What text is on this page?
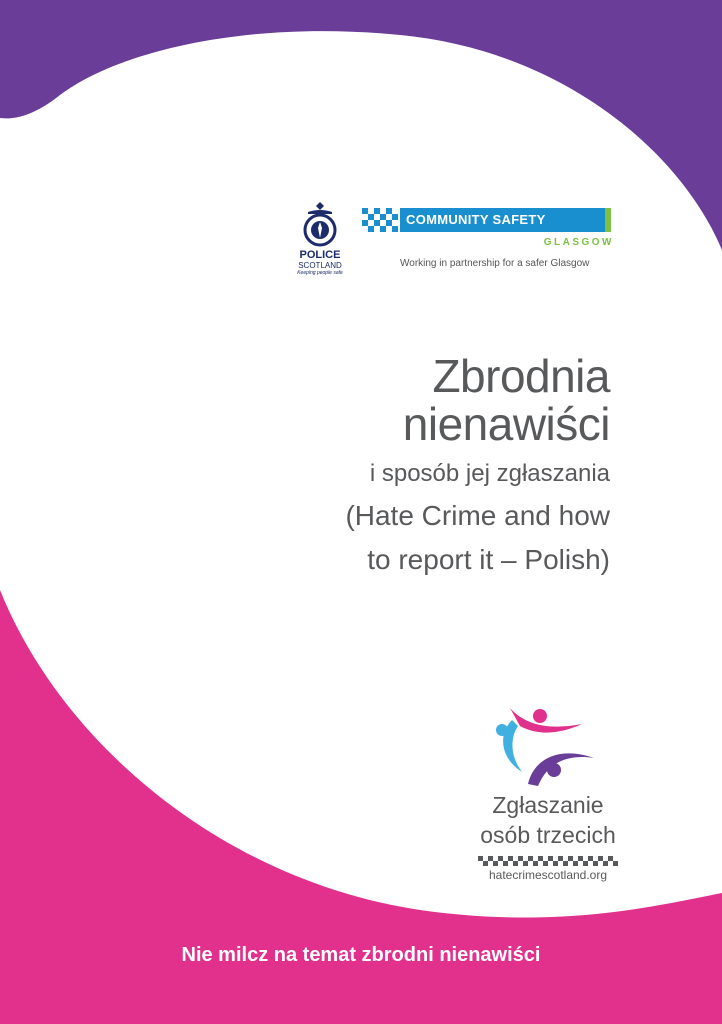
POLICE
SCOTLAND
Keeping people safe
COMMUNITY SAFETY
GLASGOW
Working in partnership for a safer Glasgow
Zbrodnia
nienawiści
i sposób jej zgłaszania
(Hate Crime and how
to report it – Polish)
Zgłaszanie
osób trzecich
hatecrimescotland.org
Nie milcz na temat zbrodni nienawiści
